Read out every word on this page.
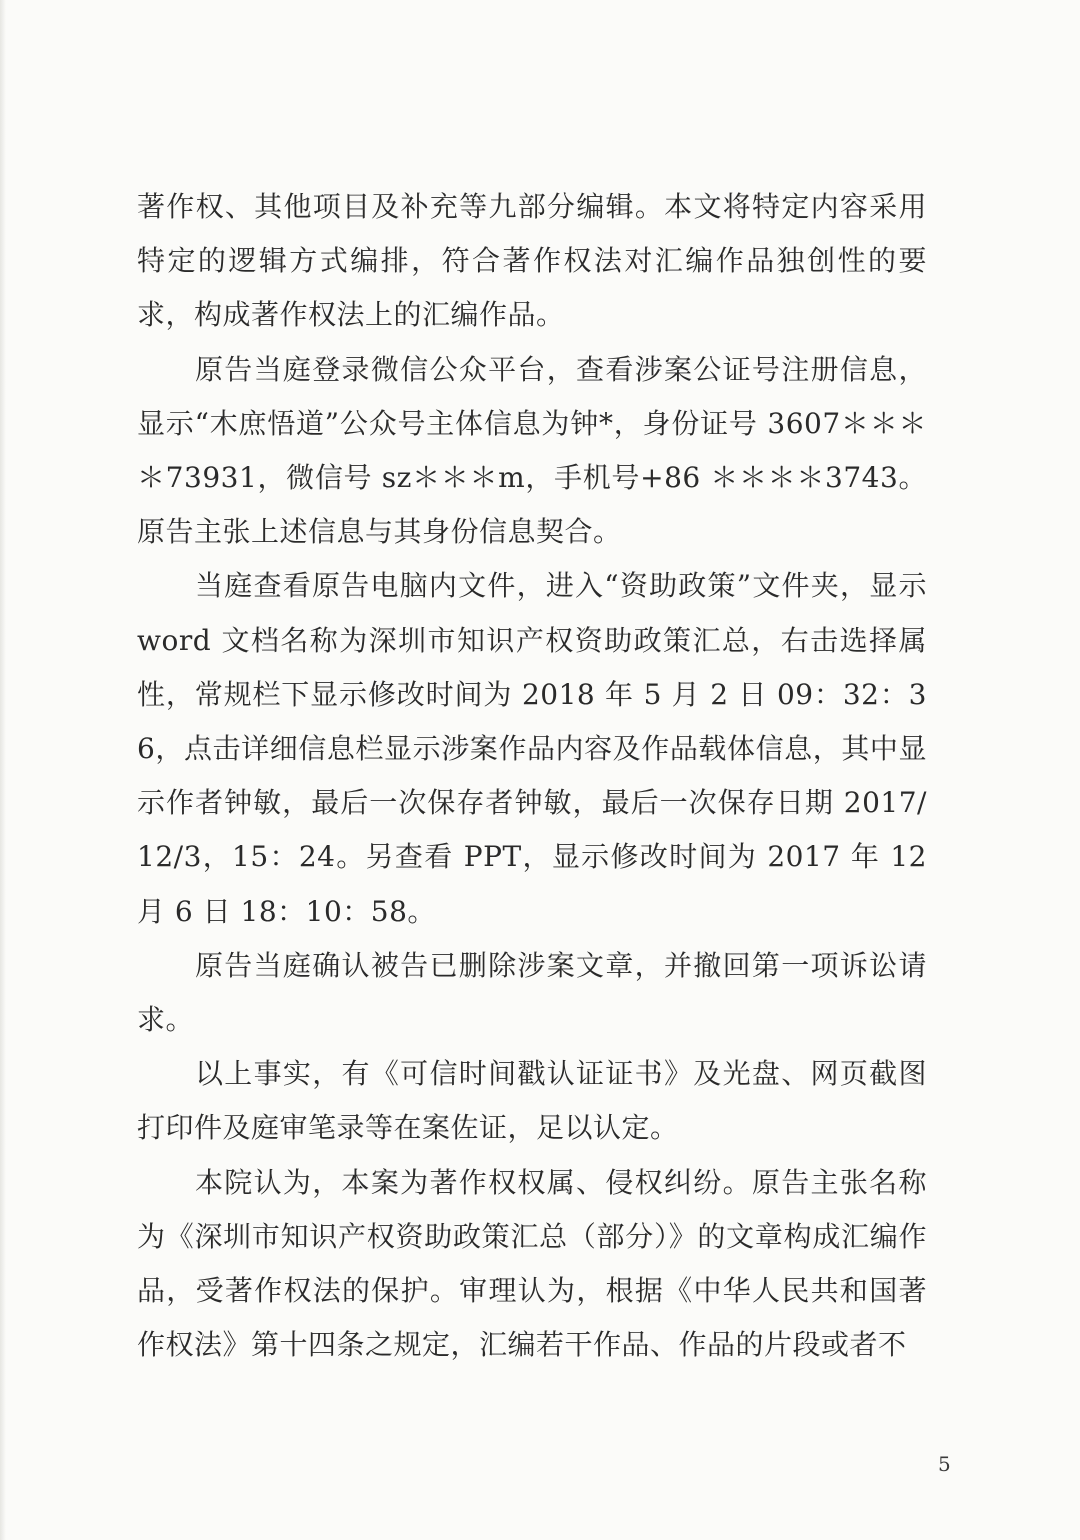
著作权、其他项目及补充等九部分编辑。本文将特定内容采用特定的逻辑方式编排，符合著作权法对汇编作品独创性的要求，构成著作权法上的汇编作品。

原告当庭登录微信公众平台，查看涉案公证号注册信息，显示“木庶悟道”公众号主体信息为钟*，身份证号 3607＊＊＊＊73931，微信号 sz＊＊＊m，手机号+86 ＊＊＊＊3743。原告主张上述信息与其身份信息契合。

当庭查看原告电脑内文件，进入“资助政策”文件夹，显示 word 文档名称为深圳市知识产权资助政策汇总，右击选择属性，常规栏下显示修改时间为 2018 年 5 月 2 日 09：32：36，点击详细信息栏显示涉案作品内容及作品载体信息，其中显示作者钟敏，最后一次保存者钟敏，最后一次保存日期 2017/12/3，15：24。另查看 PPT，显示修改时间为 2017 年 12 月 6 日 18：10：58。

原告当庭确认被告已删除涉案文章，并撤回第一项诉讼请求。

以上事实，有《可信时间戳认证证书》及光盘、网页截图打印件及庭审笔录等在案佐证，足以认定。

本院认为，本案为著作权权属、侵权纠纷。原告主张名称为《深圳市知识产权资助政策汇总（部分）》的文章构成汇编作品，受著作权法的保护。审理认为，根据《中华人民共和国著作权法》第十四条之规定，汇编若干作品、作品的片段或者不

5
